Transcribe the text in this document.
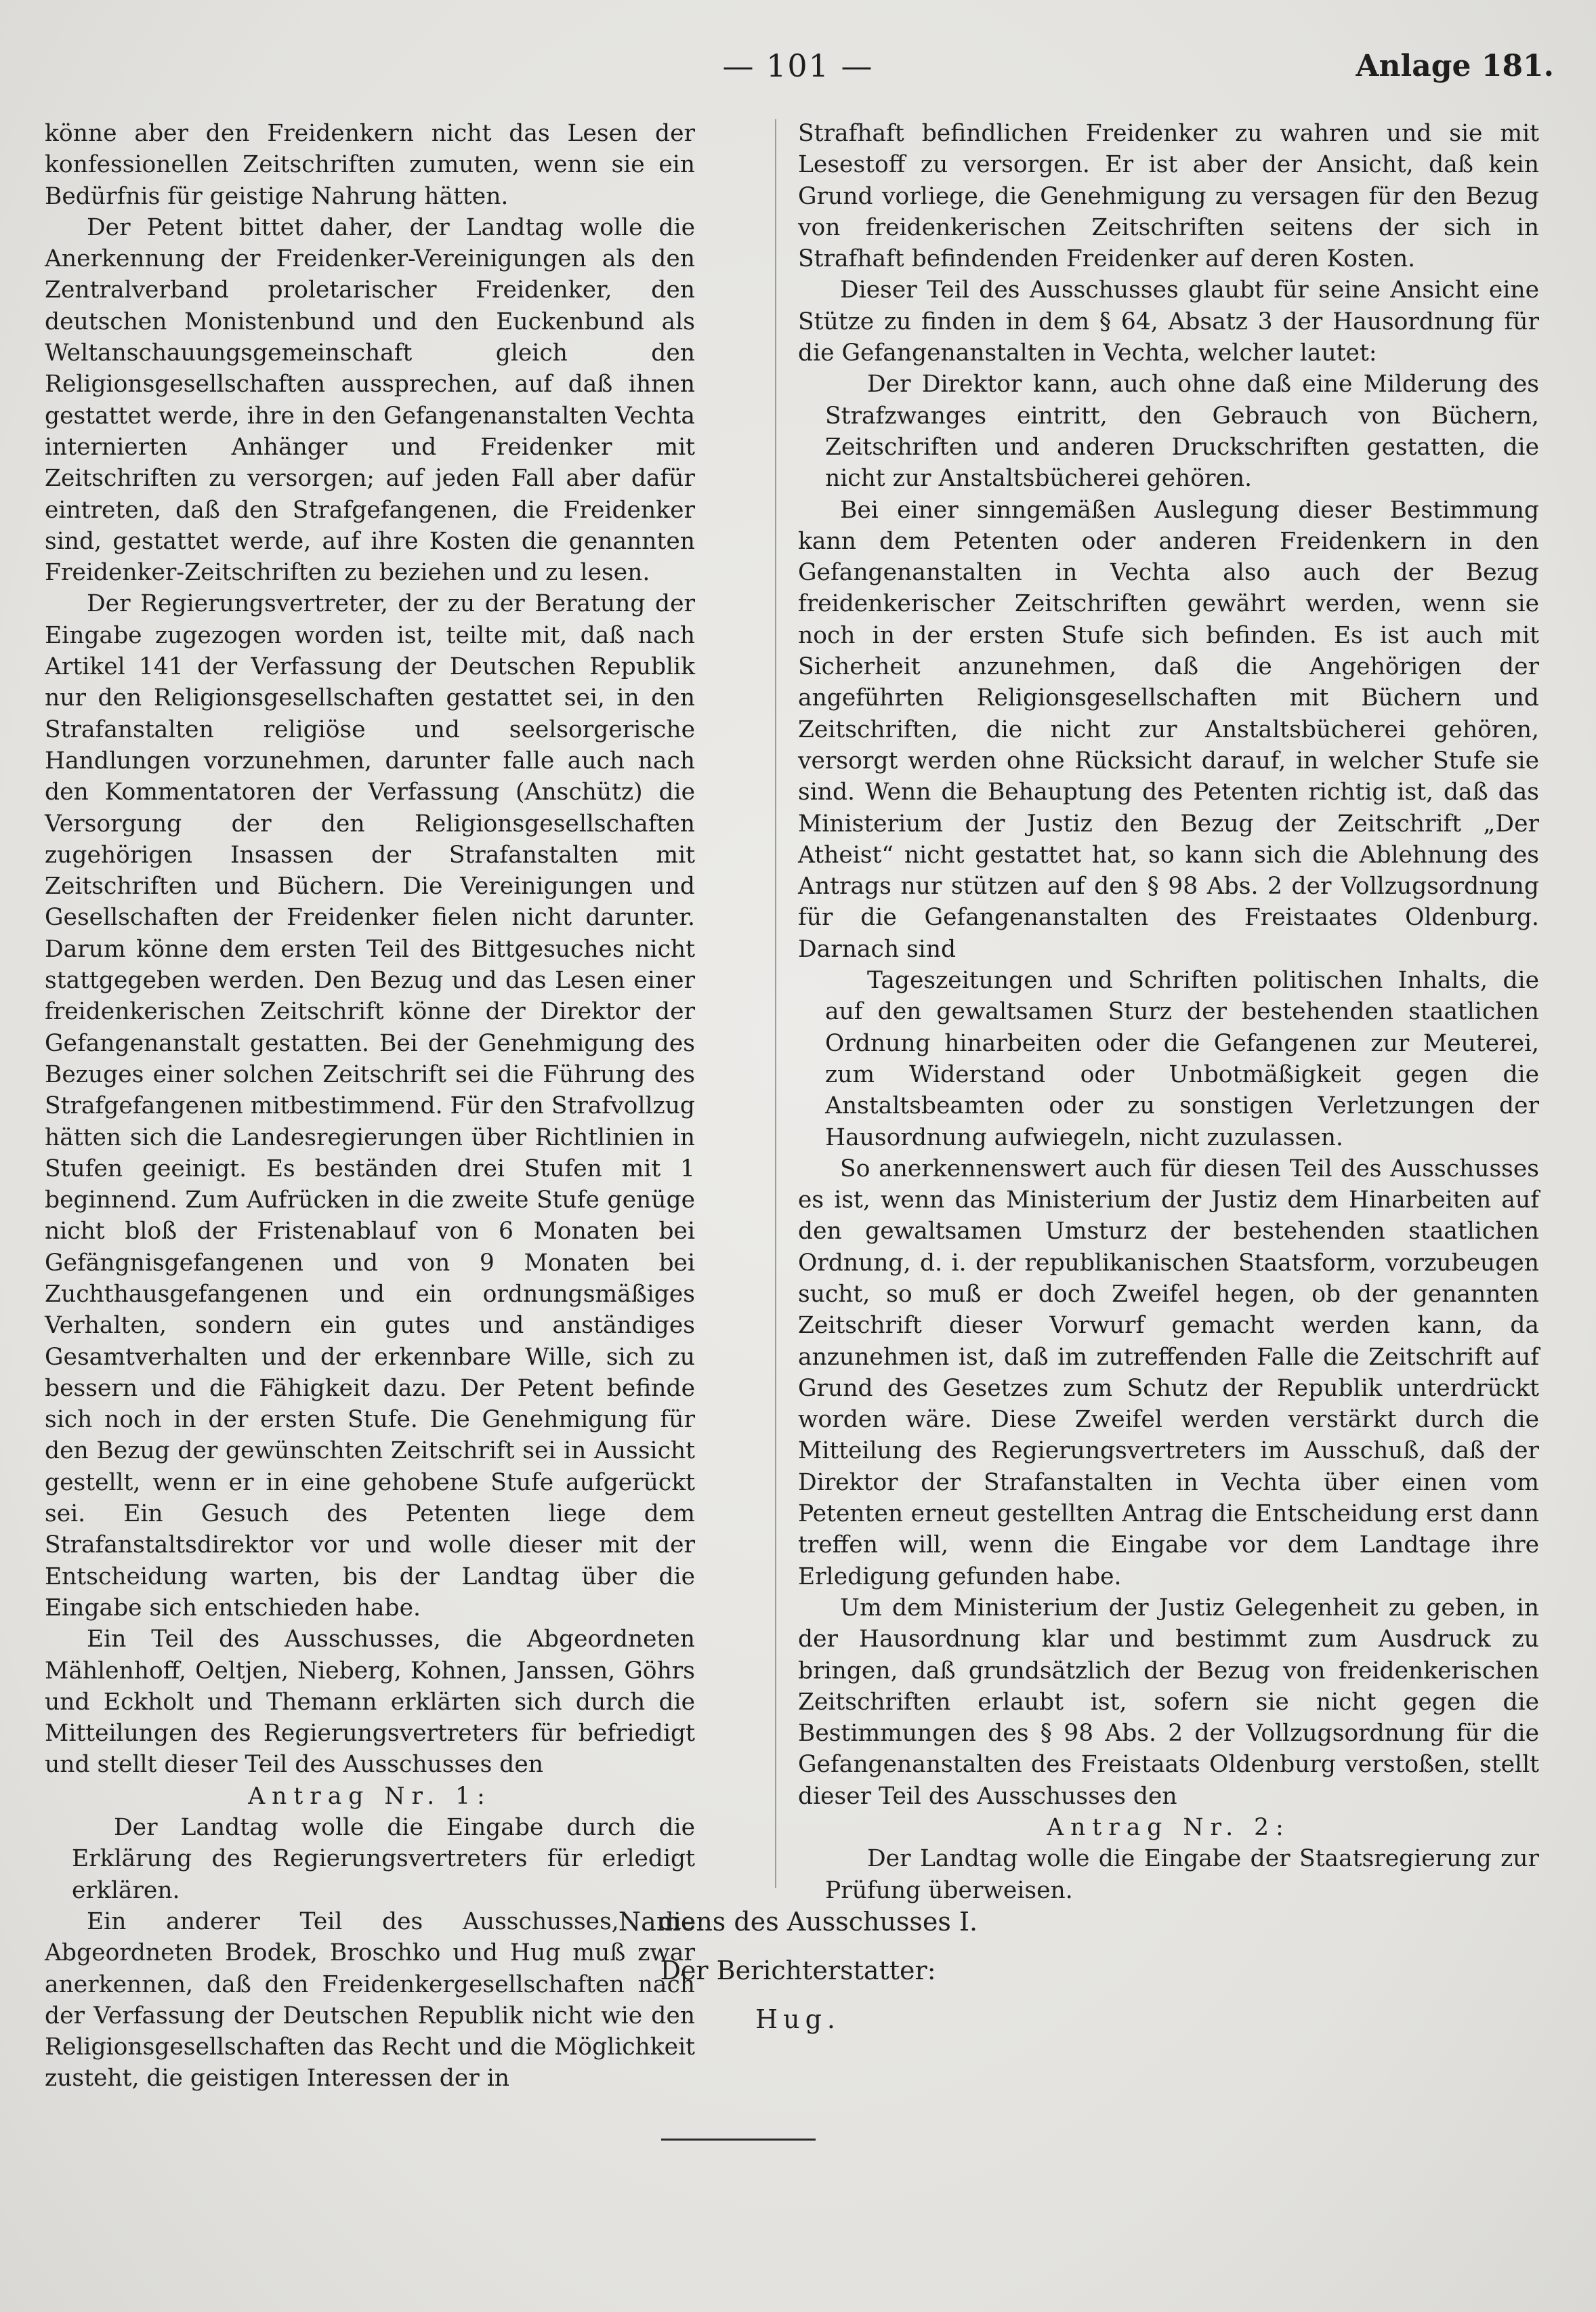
— 101 —	Anlage 181.

könne aber den Freidenkern nicht das Lesen der konfessionellen Zeitschriften zumuten, wenn sie ein Bedürfnis für geistige Nahrung hätten.

Der Petent bittet daher, der Landtag wolle die Anerkennung der Freidenker-Vereinigungen als den Zentralverband proletarischer Freidenker, den deutschen Monistenbund und den Euckenbund als Weltanschauungsgemeinschaft gleich den Religionsgesellschaften aussprechen, auf daß ihnen gestattet werde, ihre in den Gefangenanstalten Vechta internierten Anhänger und Freidenker mit Zeitschriften zu versorgen; auf jeden Fall aber dafür eintreten, daß den Strafgefangenen, die Freidenker sind, gestattet werde, auf ihre Kosten die genannten Freidenker-Zeitschriften zu beziehen und zu lesen.

Der Regierungsvertreter, der zu der Beratung der Eingabe zugezogen worden ist, teilte mit, daß nach Artikel 141 der Verfassung der Deutschen Republik nur den Religionsgesellschaften gestattet sei, in den Strafanstalten religiöse und seelsorgerische Handlungen vorzunehmen, darunter falle auch nach den Kommentatoren der Verfassung (Anschütz) die Versorgung der den Religionsgesellschaften zugehörigen Insassen der Strafanstalten mit Zeitschriften und Büchern. Die Vereinigungen und Gesellschaften der Freidenker fielen nicht darunter. Darum könne dem ersten Teil des Bittgesuches nicht stattgegeben werden. Den Bezug und das Lesen einer freidenkerischen Zeitschrift könne der Direktor der Gefangenanstalt gestatten. Bei der Genehmigung des Bezuges einer solchen Zeitschrift sei die Führung des Strafgefangenen mitbestimmend. Für den Strafvollzug hätten sich die Landesregierungen über Richtlinien in Stufen geeinigt. Es beständen drei Stufen mit 1 beginnend. Zum Aufrücken in die zweite Stufe genüge nicht bloß der Fristenablauf von 6 Monaten bei Gefängnisgefangenen und von 9 Monaten bei Zuchthausgefangenen und ein ordnungsmäßiges Verhalten, sondern ein gutes und anständiges Gesamtverhalten und der erkennbare Wille, sich zu bessern und die Fähigkeit dazu. Der Petent befinde sich noch in der ersten Stufe. Die Genehmigung für den Bezug der gewünschten Zeitschrift sei in Aussicht gestellt, wenn er in eine gehobene Stufe aufgerückt sei. Ein Gesuch des Petenten liege dem Strafanstaltsdirektor vor und wolle dieser mit der Entscheidung warten, bis der Landtag über die Eingabe sich entschieden habe.

Ein Teil des Ausschusses, die Abgeordneten Mählenhoff, Oeltjen, Nieberg, Kohnen, Janssen, Göhrs und Eckholt und Themann erklärten sich durch die Mitteilungen des Regierungsvertreters für befriedigt und stellt dieser Teil des Ausschusses den

Antrag Nr. 1:

Der Landtag wolle die Eingabe durch die Erklärung des Regierungsvertreters für erledigt erklären.

Ein anderer Teil des Ausschusses, die Abgeordneten Brodek, Broschko und Hug muß zwar anerkennen, daß den Freidenkergesellschaften nach der Verfassung der Deutschen Republik nicht wie den Religionsgesellschaften das Recht und die Möglichkeit zusteht, die geistigen Interessen der in

Strafhaft befindlichen Freidenker zu wahren und sie mit Lesestoff zu versorgen. Er ist aber der Ansicht, daß kein Grund vorliege, die Genehmigung zu versagen für den Bezug von freidenkerischen Zeitschriften seitens der sich in Strafhaft befindenden Freidenker auf deren Kosten.

Dieser Teil des Ausschusses glaubt für seine Ansicht eine Stütze zu finden in dem § 64, Absatz 3 der Hausordnung für die Gefangenanstalten in Vechta, welcher lautet:

Der Direktor kann, auch ohne daß eine Milderung des Strafzwanges eintritt, den Gebrauch von Büchern, Zeitschriften und anderen Druckschriften gestatten, die nicht zur Anstaltsbücherei gehören.

Bei einer sinngemäßen Auslegung dieser Bestimmung kann dem Petenten oder anderen Freidenkern in den Gefangenanstalten in Vechta also auch der Bezug freidenkerischer Zeitschriften gewährt werden, wenn sie noch in der ersten Stufe sich befinden. Es ist auch mit Sicherheit anzunehmen, daß die Angehörigen der angeführten Religionsgesellschaften mit Büchern und Zeitschriften, die nicht zur Anstaltsbücherei gehören, versorgt werden ohne Rücksicht darauf, in welcher Stufe sie sind. Wenn die Behauptung des Petenten richtig ist, daß das Ministerium der Justiz den Bezug der Zeitschrift „Der Atheist“ nicht gestattet hat, so kann sich die Ablehnung des Antrags nur stützen auf den § 98 Abs. 2 der Vollzugsordnung für die Gefangenanstalten des Freistaates Oldenburg. Darnach sind

Tageszeitungen und Schriften politischen Inhalts, die auf den gewaltsamen Sturz der bestehenden staatlichen Ordnung hinarbeiten oder die Gefangenen zur Meuterei, zum Widerstand oder Unbotmäßigkeit gegen die Anstaltsbeamten oder zu sonstigen Verletzungen der Hausordnung aufwiegeln, nicht zuzulassen.

So anerkennenswert auch für diesen Teil des Ausschusses es ist, wenn das Ministerium der Justiz dem Hinarbeiten auf den gewaltsamen Umsturz der bestehenden staatlichen Ordnung, d. i. der republikanischen Staatsform, vorzubeugen sucht, so muß er doch Zweifel hegen, ob der genannten Zeitschrift dieser Vorwurf gemacht werden kann, da anzunehmen ist, daß im zutreffenden Falle die Zeitschrift auf Grund des Gesetzes zum Schutz der Republik unterdrückt worden wäre. Diese Zweifel werden verstärkt durch die Mitteilung des Regierungsvertreters im Ausschuß, daß der Direktor der Strafanstalten in Vechta über einen vom Petenten erneut gestellten Antrag die Entscheidung erst dann treffen will, wenn die Eingabe vor dem Landtage ihre Erledigung gefunden habe.

Um dem Ministerium der Justiz Gelegenheit zu geben, in der Hausordnung klar und bestimmt zum Ausdruck zu bringen, daß grundsätzlich der Bezug von freidenkerischen Zeitschriften erlaubt ist, sofern sie nicht gegen die Bestimmungen des § 98 Abs. 2 der Vollzugsordnung für die Gefangenanstalten des Freistaats Oldenburg verstoßen, stellt dieser Teil des Ausschusses den

Antrag Nr. 2:

Der Landtag wolle die Eingabe der Staatsregierung zur Prüfung überweisen.

Namens des Ausschusses I.
Der Berichterstatter:
Hug.
